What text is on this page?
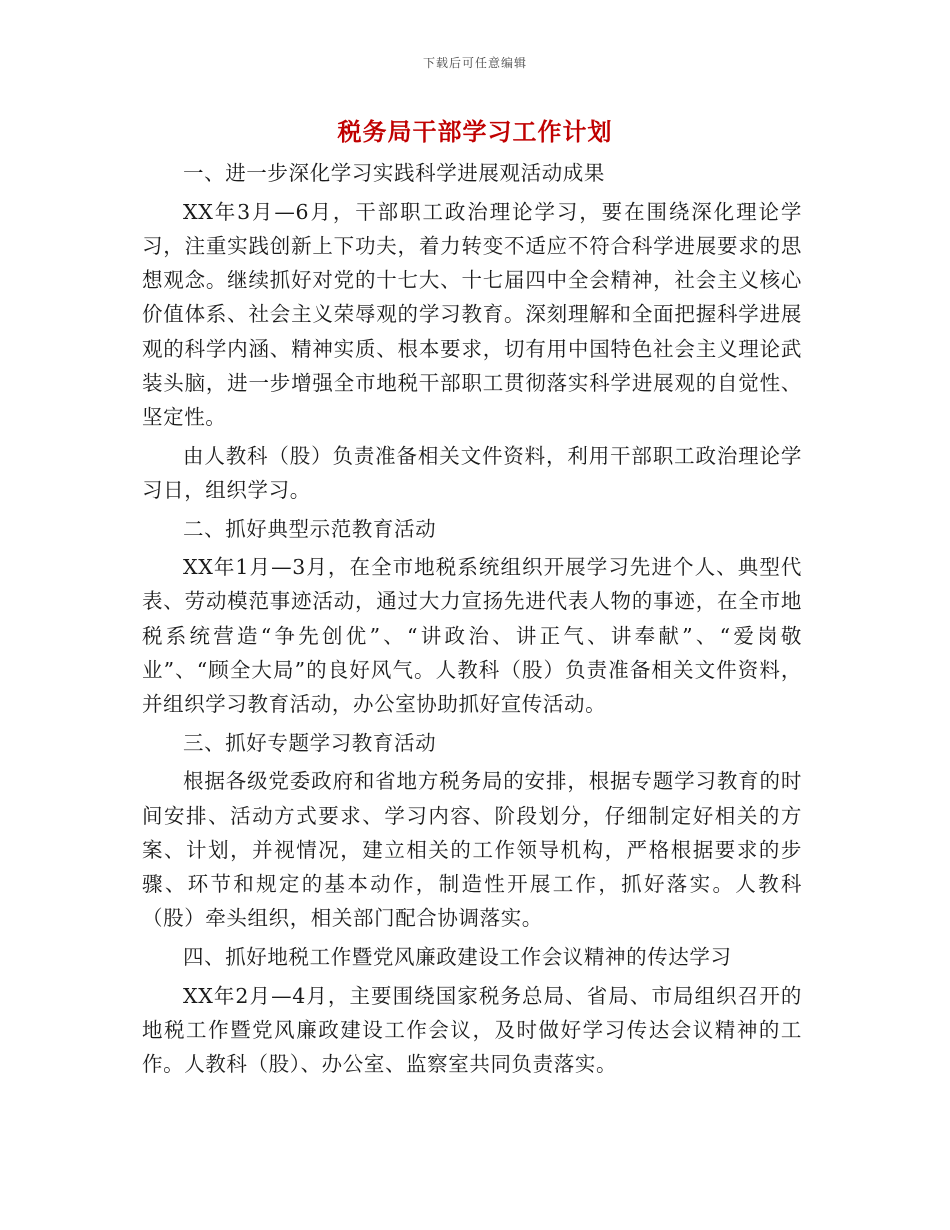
下载后可任意编辑
税务局干部学习工作计划

一、进一步深化学习实践科学进展观活动成果

XX年3月—6月，干部职工政治理论学习，要在围绕深化理论学习，注重实践创新上下功夫，着力转变不适应不符合科学进展要求的思想观念。继续抓好对党的十七大、十七届四中全会精神，社会主义核心价值体系、社会主义荣辱观的学习教育。深刻理解和全面把握科学进展观的科学内涵、精神实质、根本要求，切有用中国特色社会主义理论武装头脑，进一步增强全市地税干部职工贯彻落实科学进展观的自觉性、坚定性。

由人教科（股）负责准备相关文件资料，利用干部职工政治理论学习日，组织学习。

二、抓好典型示范教育活动

XX年1月—3月，在全市地税系统组织开展学习先进个人、典型代表、劳动模范事迹活动，通过大力宣扬先进代表人物的事迹，在全市地税系统营造“争先创优”、“讲政治、讲正气、讲奉献”、“爱岗敬业”、“顾全大局”的良好风气。人教科（股）负责准备相关文件资料，并组织学习教育活动，办公室协助抓好宣传活动。

三、抓好专题学习教育活动

根据各级党委政府和省地方税务局的安排，根据专题学习教育的时间安排、活动方式要求、学习内容、阶段划分，仔细制定好相关的方案、计划，并视情况，建立相关的工作领导机构，严格根据要求的步骤、环节和规定的基本动作，制造性开展工作，抓好落实。人教科（股）牵头组织，相关部门配合协调落实。

四、抓好地税工作暨党风廉政建设工作会议精神的传达学习

XX年2月—4月，主要围绕国家税务总局、省局、市局组织召开的地税工作暨党风廉政建设工作会议，及时做好学习传达会议精神的工作。人教科（股）、办公室、监察室共同负责落实。
